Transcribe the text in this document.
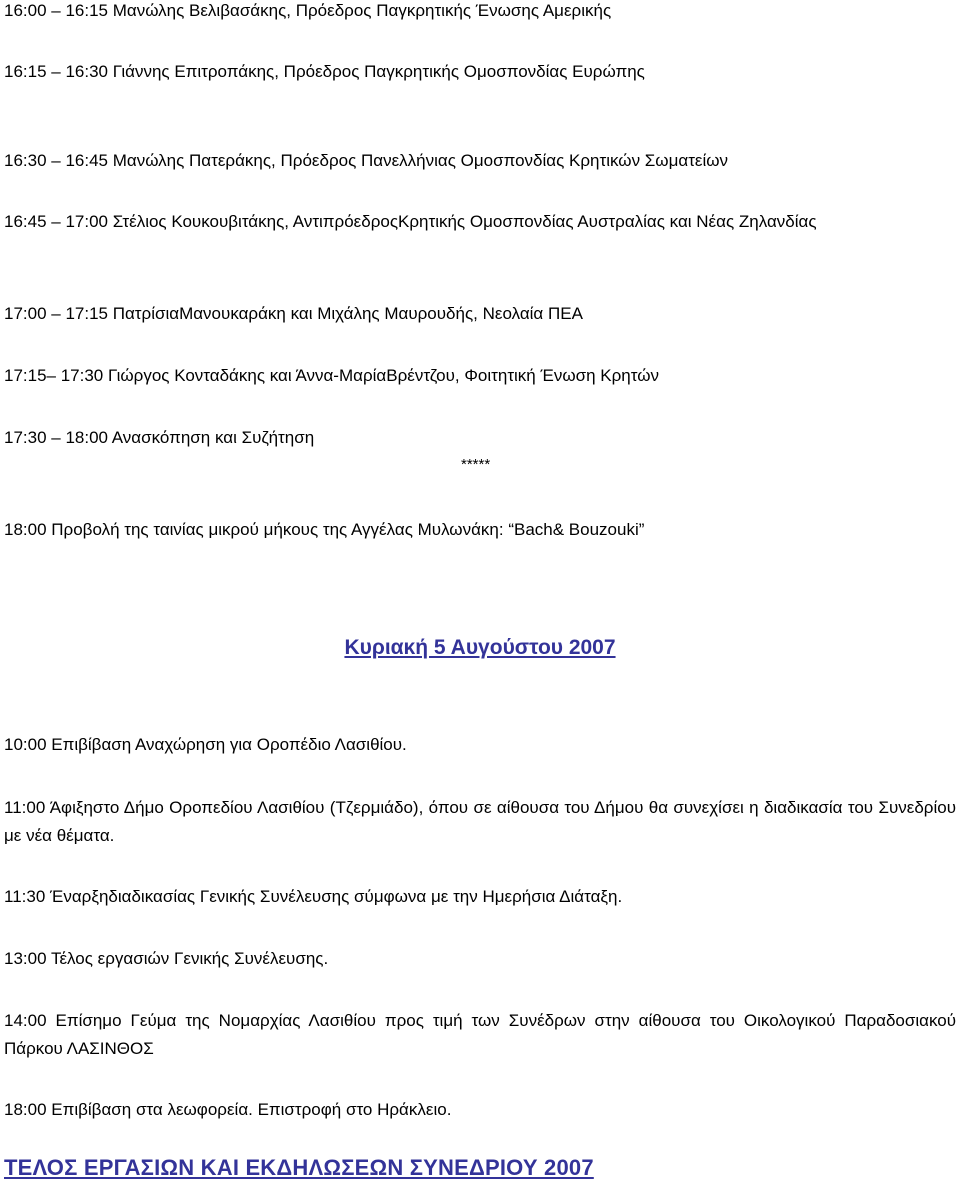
16:00 – 16:15 Μανώλης Βελιβασάκης, Πρόεδρος Παγκρητικής Ένωσης Αμερικής

16:15 – 16:30 Γιάννης Επιτροπάκης, Πρόεδρος Παγκρητικής Ομοσπονδίας Ευρώπης

16:30 – 16:45 Μανώλης Πατεράκης, Πρόεδρος Πανελλήνιας Ομοσπονδίας Κρητικών Σωματείων

16:45 – 17:00 Στέλιος Κουκουβιτάκης, ΑντιπρόεδροςΚρητικής Ομοσπονδίας Αυστραλίας και Νέας Ζηλανδίας

17:00 – 17:15 ΠατρίσιαΜανουκαράκη και Μιχάλης Μαυρουδής, Νεολαία ΠΕΑ

17:15– 17:30 Γιώργος Κονταδάκης και Άννα-ΜαρίαΒρέντζου, Φοιτητική Ένωση Κρητών

17:30 – 18:00 Ανασκόπηση και Συζήτηση

*****

18:00 Προβολή της ταινίας μικρού μήκους της Αγγέλας Μυλωνάκη: “Bach& Bouzouki”

Κυριακή 5 Αυγούστου 2007

10:00 Επιβίβαση Αναχώρηση για Οροπέδιο Λασιθίου.

11:00 Άφιξηστο Δήμο Οροπεδίου Λασιθίου (Τζερμιάδο), όπου σε αίθουσα του Δήμου θα συνεχίσει η διαδικασία του Συνεδρίου με νέα θέματα.

11:30 Έναρξηδιαδικασίας Γενικής Συνέλευσης σύμφωνα με την Ημερήσια Διάταξη.

13:00 Τέλος εργασιών Γενικής Συνέλευσης.

14:00 Επίσημο Γεύμα της Νομαρχίας Λασιθίου προς τιμή των Συνέδρων στην αίθουσα του Οικολογικού Παραδοσιακού Πάρκου ΛΑΣΙΝΘΟΣ

18:00 Επιβίβαση στα λεωφορεία. Επιστροφή στο Ηράκλειο.

ΤΕΛΟΣ ΕΡΓΑΣΙΩΝ ΚΑΙ ΕΚΔΗΛΩΣΕΩΝ ΣΥΝΕΔΡΙΟΥ 2007
